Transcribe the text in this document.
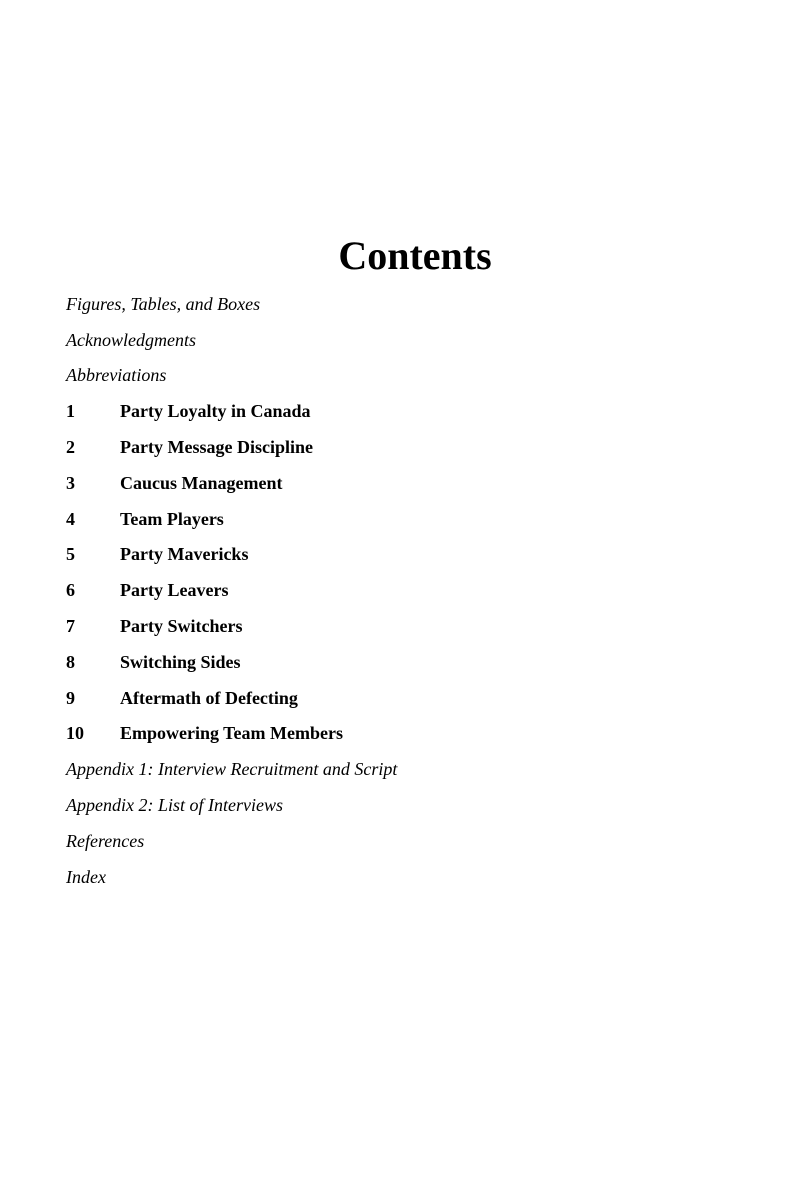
Contents
Figures, Tables, and Boxes
Acknowledgments
Abbreviations
1	Party Loyalty in Canada
2	Party Message Discipline
3	Caucus Management
4	Team Players
5	Party Mavericks
6	Party Leavers
7	Party Switchers
8	Switching Sides
9	Aftermath of Defecting
10	Empowering Team Members
Appendix 1: Interview Recruitment and Script
Appendix 2: List of Interviews
References
Index
